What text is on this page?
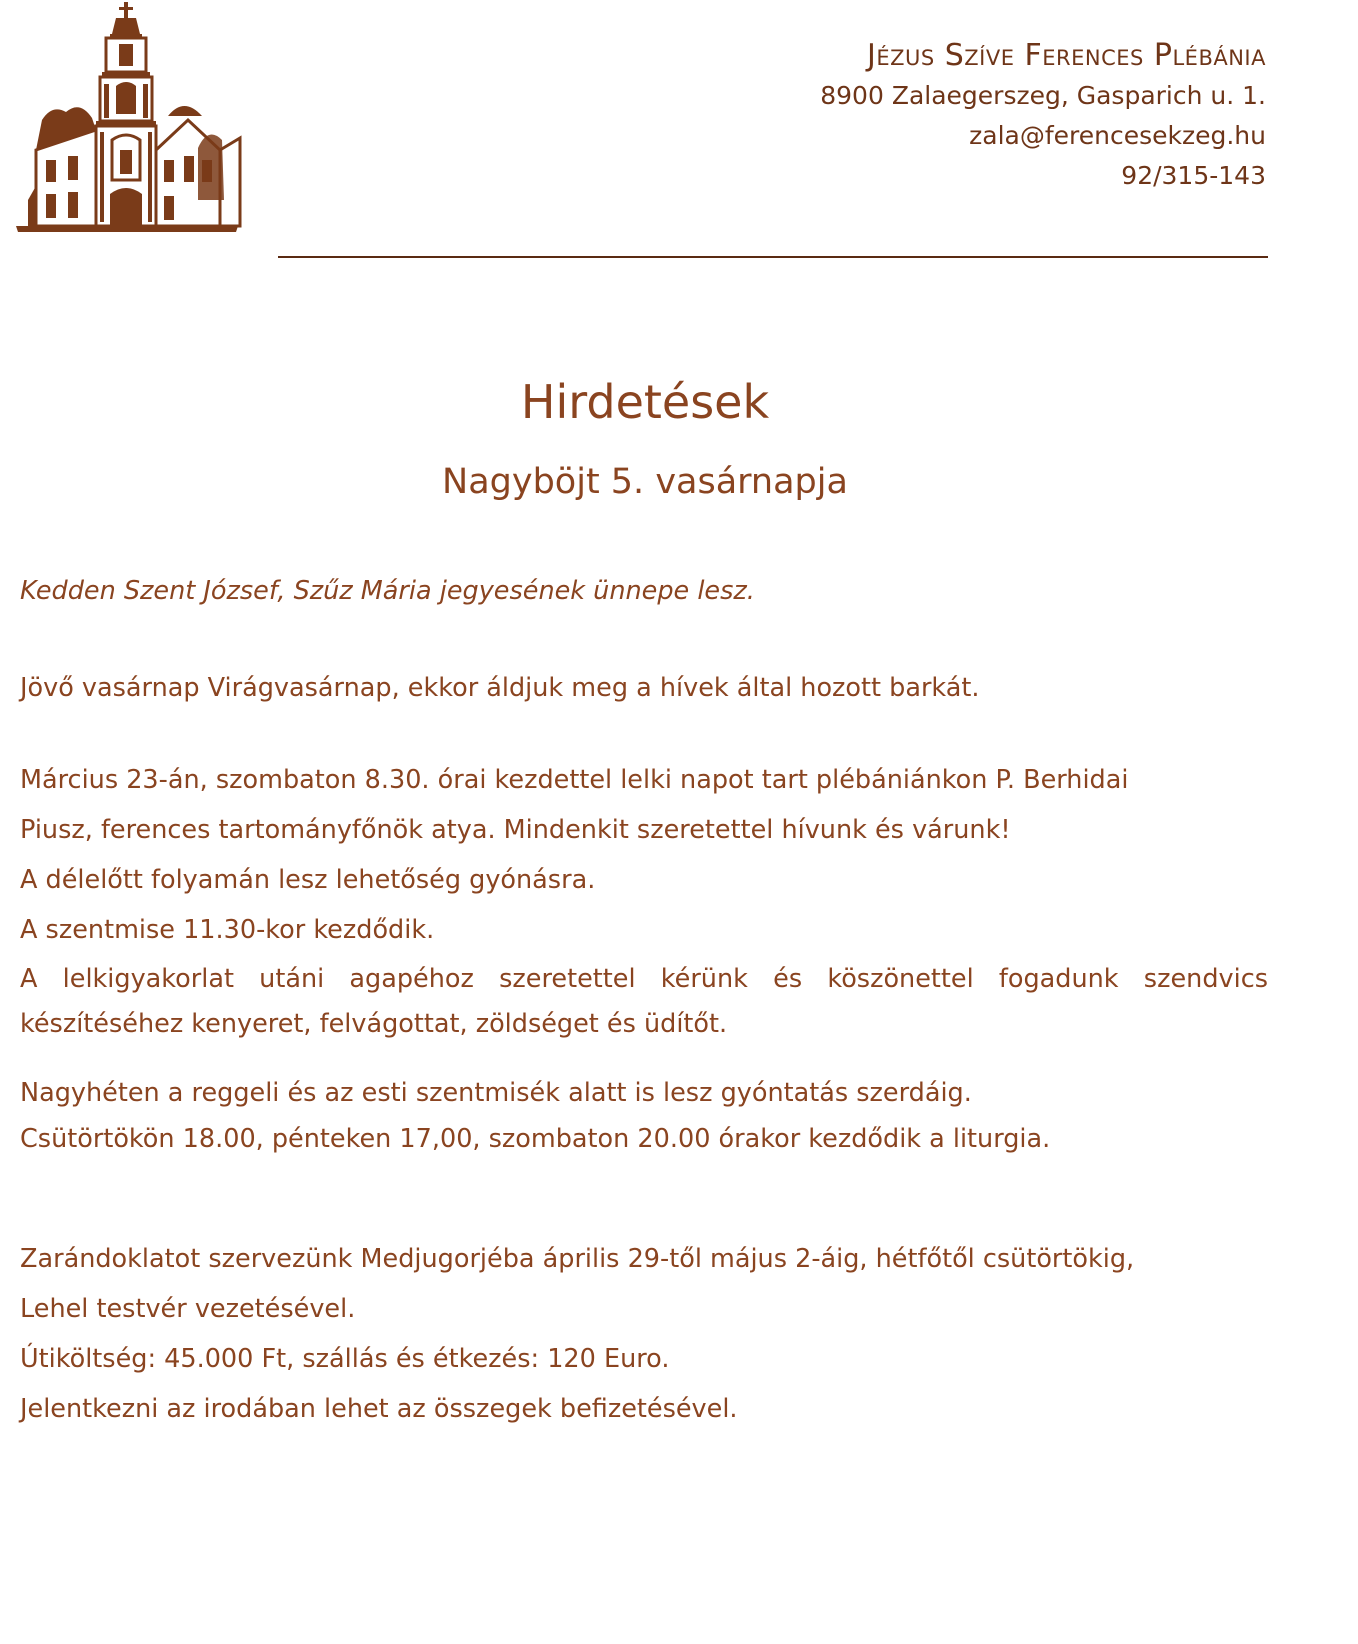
Jézus Szíve Ferences Plébánia
8900 Zalaegerszeg, Gasparich u. 1.
zala@ferencesekzeg.hu
92/315-143
Hirdetések
Nagyböjt 5. vasárnapja

Kedden Szent József, Szűz Mária jegyesének ünnepe lesz.

Jövő vasárnap Virágvasárnap, ekkor áldjuk meg a hívek által hozott barkát.

Március 23-án, szombaton 8.30. órai kezdettel lelki napot tart plébániánkon P. Berhidai

Piusz, ferences tartományfőnök atya. Mindenkit szeretettel hívunk és várunk!

A délelőtt folyamán lesz lehetőség gyónásra.

A szentmise 11.30-kor kezdődik.

A lelkigyakorlat utáni agapéhoz szeretettel kérünk és köszönettel fogadunk szendvics készítéséhez kenyeret, felvágottat, zöldséget és üdítőt.

Nagyhéten a reggeli és az esti szentmisék alatt is lesz gyóntatás szerdáig.

Csütörtökön 18.00, pénteken 17,00, szombaton 20.00 órakor kezdődik a liturgia.

Zarándoklatot szervezünk Medjugorjéba április 29-től május 2-áig, hétfőtől csütörtökig,

Lehel testvér vezetésével.

Útiköltség: 45.000 Ft, szállás és étkezés: 120 Euro.

Jelentkezni az irodában lehet az összegek befizetésével.
